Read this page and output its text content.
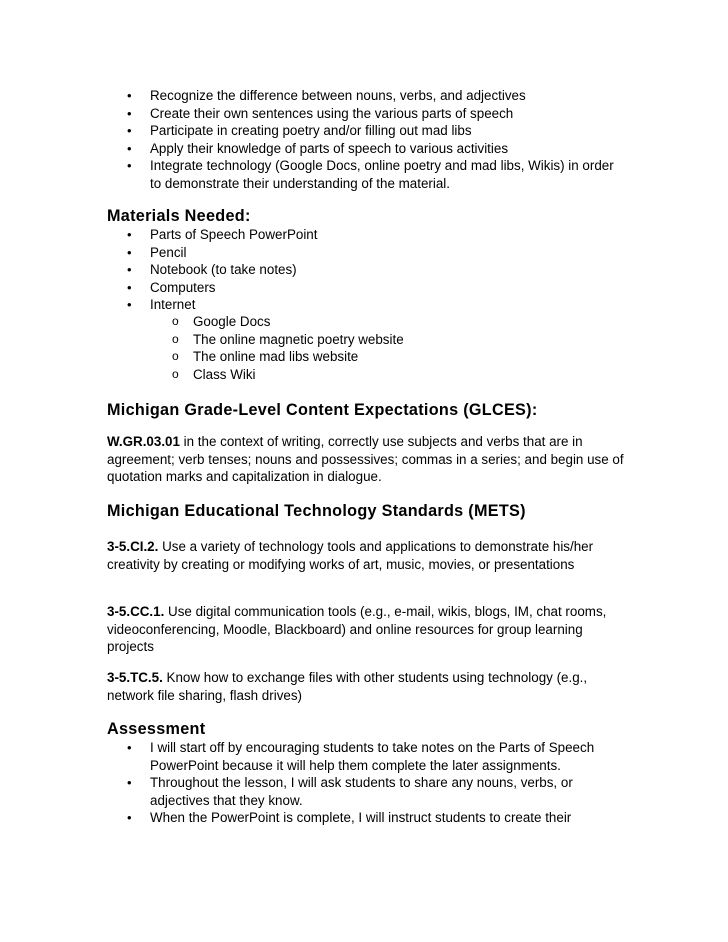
• Recognize the difference between nouns, verbs, and adjectives
• Create their own sentences using the various parts of speech
• Participate in creating poetry and/or filling out mad libs
• Apply their knowledge of parts of speech to various activities
• Integrate technology (Google Docs, online poetry and mad libs, Wikis) in order to demonstrate their understanding of the material.
Materials Needed:
• Parts of Speech PowerPoint
• Pencil
• Notebook (to take notes)
• Computers
• Internet
o Google Docs
o The online magnetic poetry website
o The online mad libs website
o Class Wiki
Michigan Grade-Level Content Expectations (GLCES):

W.GR.03.01 in the context of writing, correctly use subjects and verbs that are in agreement; verb tenses; nouns and possessives; commas in a series; and begin use of quotation marks and capitalization in dialogue.

Michigan Educational Technology Standards (METS)

3-5.CI.2. Use a variety of technology tools and applications to demonstrate his/her creativity by creating or modifying works of art, music, movies, or presentations

3-5.CC.1. Use digital communication tools (e.g., e-mail, wikis, blogs, IM, chat rooms, videoconferencing, Moodle, Blackboard) and online resources for group learning projects

3-5.TC.5. Know how to exchange files with other students using technology (e.g., network file sharing, flash drives)

Assessment
• I will start off by encouraging students to take notes on the Parts of Speech PowerPoint because it will help them complete the later assignments.
• Throughout the lesson, I will ask students to share any nouns, verbs, or adjectives that they know.
• When the PowerPoint is complete, I will instruct students to create their
